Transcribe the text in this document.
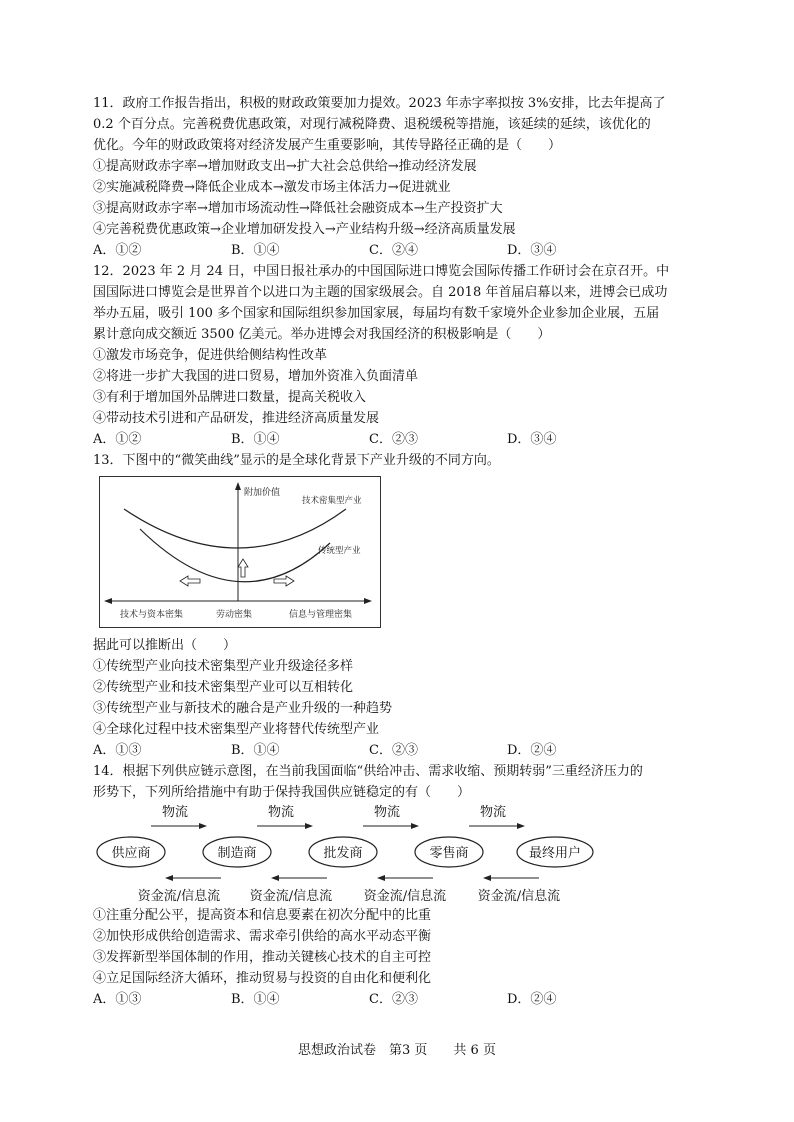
11．政府工作报告指出，积极的财政政策要加力提效。2023 年赤字率拟按 3%安排，比去年提高了
0.2 个百分点。完善税费优惠政策，对现行减税降费、退税缓税等措施，该延续的延续，该优化的
优化。今年的财政政策将对经济发展产生重要影响，其传导路径正确的是（　　）
①提高财政赤字率→增加财政支出→扩大社会总供给→推动经济发展
②实施减税降费→降低企业成本→激发市场主体活力→促进就业
③提高财政赤字率→增加市场流动性→降低社会融资成本→生产投资扩大
④完善税费优惠政策→企业增加研发投入→产业结构升级→经济高质量发展
A．①②	B．①④	C．②④	D．③④
12．2023 年 2 月 24 日，中国日报社承办的中国国际进口博览会国际传播工作研讨会在京召开。中
国国际进口博览会是世界首个以进口为主题的国家级展会。自 2018 年首届启幕以来，进博会已成功
举办五届，吸引 100 多个国家和国际组织参加国家展，每届均有数千家境外企业参加企业展，五届
累计意向成交额近 3500 亿美元。举办进博会对我国经济的积极影响是（　　）
①激发市场竞争，促进供给侧结构性改革
②将进一步扩大我国的进口贸易，增加外资准入负面清单
③有利于增加国外品牌进口数量，提高关税收入
④带动技术引进和产品研发，推进经济高质量发展
A．①②	B．①④	C．②③	D．③④
13．下图中的“微笑曲线”显示的是全球化背景下产业升级的不同方向。
附加价值
技术密集型产业
传统型产业
技术与资本密集	劳动密集	信息与管理密集
据此可以推断出（　　）
①传统型产业向技术密集型产业升级途径多样
②传统型产业和技术密集型产业可以互相转化
③传统型产业与新技术的融合是产业升级的一种趋势
④全球化过程中技术密集型产业将替代传统型产业
A．①③	B．①④	C．②③	D．②④
14．根据下列供应链示意图，在当前我国面临“供给冲击、需求收缩、预期转弱”三重经济压力的
形势下，下列所给措施中有助于保持我国供应链稳定的有（　　）
供应商	制造商	批发商	零售商	最终用户
物流	物流	物流	物流
资金流/信息流 资金流/信息流 资金流/信息流 资金流/信息流
①注重分配公平，提高资本和信息要素在初次分配中的比重
②加快形成供给创造需求、需求牵引供给的高水平动态平衡
③发挥新型举国体制的作用，推动关键核心技术的自主可控
④立足国际经济大循环，推动贸易与投资的自由化和便利化
A．①③	B．①④	C．②③	D．②④
思想政治试卷　第3 页　　共 6 页
